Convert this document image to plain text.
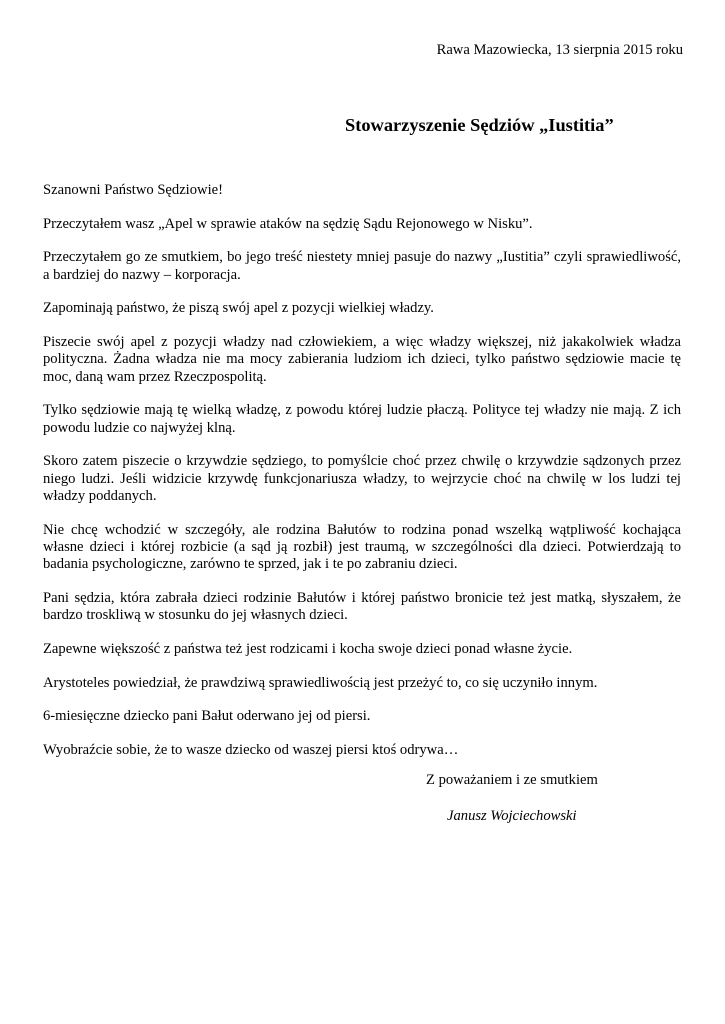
Rawa Mazowiecka, 13 sierpnia 2015 roku
Stowarzyszenie Sędziów „Iustitia”

Szanowni Państwo Sędziowie!

Przeczytałem wasz „Apel w sprawie ataków na sędzię Sądu Rejonowego w Nisku”.

Przeczytałem go ze smutkiem, bo jego treść niestety mniej pasuje do nazwy „Iustitia” czyli sprawiedliwość, a bardziej do nazwy – korporacja.

Zapominają państwo, że piszą swój apel z pozycji wielkiej władzy.

Piszecie swój apel z pozycji władzy nad człowiekiem, a więc władzy większej, niż jakakolwiek władza polityczna. Żadna władza nie ma mocy zabierania ludziom ich dzieci, tylko państwo sędziowie macie tę moc, daną wam przez Rzeczpospolitą.

Tylko sędziowie mają tę wielką władzę, z powodu której ludzie płaczą. Polityce tej władzy nie mają. Z ich powodu ludzie co najwyżej klną.

Skoro zatem piszecie o krzywdzie sędziego, to pomyślcie choć przez chwilę o krzywdzie sądzonych przez niego ludzi. Jeśli widzicie krzywdę funkcjonariusza władzy, to wejrzycie choć na chwilę w los ludzi tej władzy poddanych.

Nie chcę wchodzić w szczegóły, ale rodzina Bałutów to rodzina ponad wszelką wątpliwość kochająca własne dzieci i której rozbicie (a sąd ją rozbił) jest traumą, w szczególności dla dzieci. Potwierdzają to badania psychologiczne, zarówno te sprzed, jak i te po zabraniu dzieci.

Pani sędzia, która zabrała dzieci rodzinie Bałutów i której państwo bronicie też jest matką, słyszałem, że bardzo troskliwą w stosunku do jej własnych dzieci.

Zapewne większość z państwa też jest rodzicami i kocha swoje dzieci ponad własne życie.

Arystoteles powiedział, że prawdziwą sprawiedliwością jest przeżyć to, co się uczyniło innym.

6-miesięczne dziecko pani Bałut oderwano jej od piersi.

Wyobraźcie sobie, że to wasze dziecko od waszej piersi ktoś odrywa…

Z poważaniem i ze smutkiem
Janusz Wojciechowski
